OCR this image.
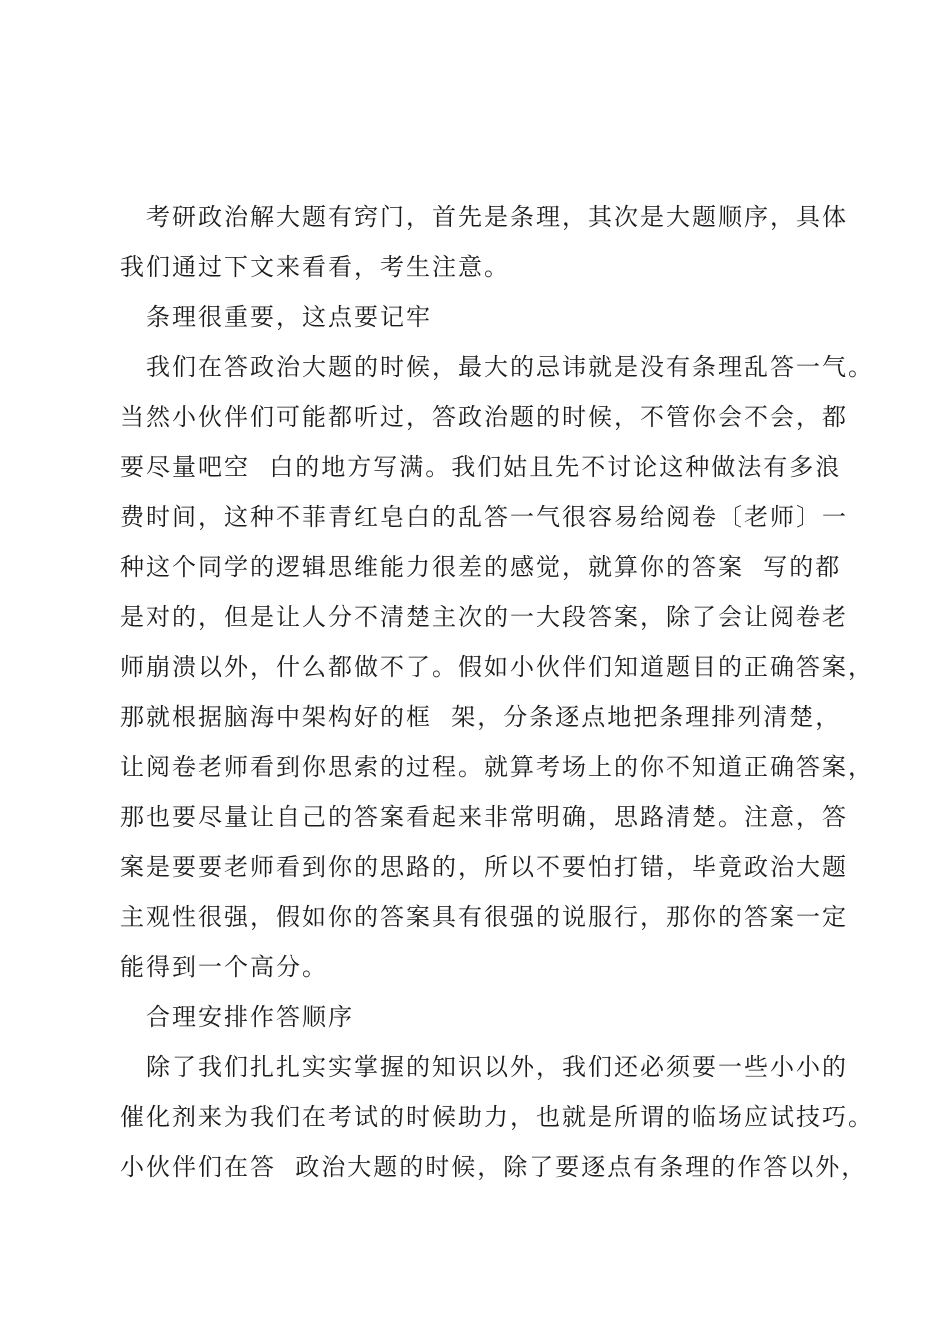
考研政治解大题有窍门，首先是条理，其次是大题顺序，具体
我们通过下文来看看，考生注意。
条理很重要，这点要记牢
我们在答政治大题的时候，最大的忌讳就是没有条理乱答一气。
当然小伙伴们可能都听过，答政治题的时候，不管你会不会，都
要尽量吧空  白的地方写满。我们姑且先不讨论这种做法有多浪
费时间，这种不菲青红皂白的乱答一气很容易给阅卷〔老师〕一
种这个同学的逻辑思维能力很差的感觉，就算你的答案  写的都
是对的，但是让人分不清楚主次的一大段答案，除了会让阅卷老
师崩溃以外，什么都做不了。假如小伙伴们知道题目的正确答案，
那就根据脑海中架构好的框  架，分条逐点地把条理排列清楚，
让阅卷老师看到你思索的过程。就算考场上的你不知道正确答案，
那也要尽量让自己的答案看起来非常明确，思路清楚。注意，答
案是要要老师看到你的思路的，所以不要怕打错，毕竟政治大题
主观性很强，假如你的答案具有很强的说服行，那你的答案一定
能得到一个高分。
合理安排作答顺序
除了我们扎扎实实掌握的知识以外，我们还必须要一些小小的
催化剂来为我们在考试的时候助力，也就是所谓的临场应试技巧。
小伙伴们在答  政治大题的时候，除了要逐点有条理的作答以外，
